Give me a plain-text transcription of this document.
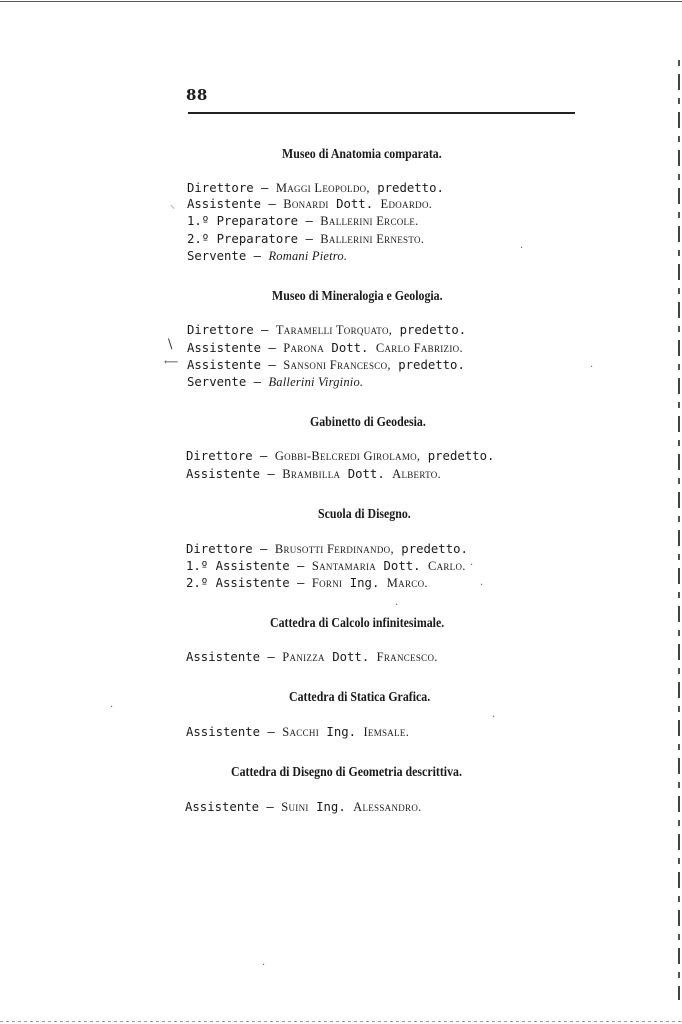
88
Museo di Anatomia comparata.
Direttore — Maggi Leopoldo, predetto.
Assistente — Bonardi Dott. Edoardo.
1.º Preparatore — Ballerini Ercole.
2.º Preparatore — Ballerini Ernesto.
Servente — Romani Pietro.
Museo di Mineralogia e Geologia.
Direttore — Taramelli Torquato, predetto.
Assistente — Parona Dott. Carlo Fabrizio.
Assistente — Sansoni Francesco, predetto.
Servente — Ballerini Virginio.
Gabinetto di Geodesia.
Direttore — Gobbi-Belcredi Girolamo, predetto.
Assistente — Brambilla Dott. Alberto.
Scuola di Disegno.
Direttore — Brusotti Ferdinando, predetto.
1.º Assistente — Santamaria Dott. Carlo.
2.º Assistente — Forni Ing. Marco.
Cattedra di Calcolo infinitesimale.
Assistente — Panizza Dott. Francesco.
Cattedra di Statica Grafica.
Assistente — Sacchi Ing. Iemsale.
Cattedra di Disegno di Geometria descrittiva.
Assistente — Suini Ing. Alessandro.
⸜
\
⟵	·
·
·
·
·
·
·
·
